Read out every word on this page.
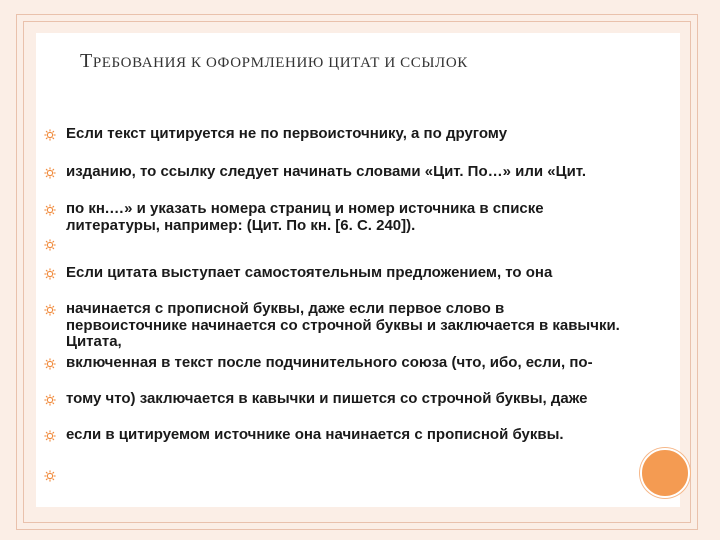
ТРЕБОВАНИЯ К ОФОРМЛЕНИЮ ЦИТАТ И ССЫЛОК
Если текст цитируется не по первоисточнику, а по другому
изданию, то ссылку следует начинать словами «Цит. По…» или «Цит.
по кн.…» и указать номера страниц и номер источника в списке литературы, например: (Цит. По кн. [6. С. 240]).
Если цитата выступает самостоятельным предложением, то она
начинается с прописной буквы, даже если первое слово в первоисточнике начинается со строчной буквы и заключается в кавычки. Цитата,
включенная в текст после подчинительного союза (что, ибо, если, по-
тому что) заключается в кавычки и пишется со строчной буквы, даже
если в цитируемом источнике она начинается с прописной буквы.
